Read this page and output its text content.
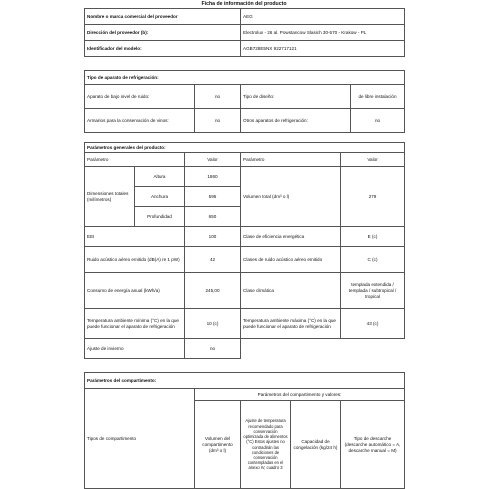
Ficha de información del producto
Nombre o marca comercial del proveedor	AEG
Dirección del proveedor (b):	Electrolux - 26 al. Powstancow Slasich 30-570 - Krakow - PL
Identificador del modelo:	AGB728E5NX 922717121
Tipo de aparato de refrigeración:			
Aparato de bajo nivel de ruido:	no	Tipo de diseño:	de libre instalación
Armarios para la conservación de vinos:	no	Otros aparatos de refrigeración:	no
Parámetros generales del producto:				
Parámetro		Valor	Parámetro	Valor
Dimensiones totales (milímetros)	Altura	1860	Volumen total (dm³ o l)	279
	Anchura	595		
	Profundidad	650		
EEI		100	Clase de eficiencia energética	E (c)
Ruido acústico aéreo emitido (dB(A) re 1 pW)		42	Clases de ruido acústico aéreo emitido	C (c)
Consumo de energía anual (kWh/a)		245,00	Clase climática	templada extendida / templada / subtropical / tropical
Temperatura ambiente mínima (°C) en la que puede funcionar el aparato de refrigeración		10 (c)	Temperatura ambiente máxima (°C) en la que puede funcionar el aparato de refrigeración	43 (c)
Ajuste de invierno		no		
Parámetros del compartimento:				
Tipos de compartimento	Parámetros del compartimento y valores:			
	Volumen del compartimento (dm³ o l)	Ajuste de temperatura recomendado para conservación optimizada de alimentos (°C) Estos ajustes no contradirán las condiciones de conservación contempladas en el anexo IV, cuadro 3	Capacidad de congelación (kg/24 h)	Tipo de descarche (descarche automático = A, descarche manual = M)
